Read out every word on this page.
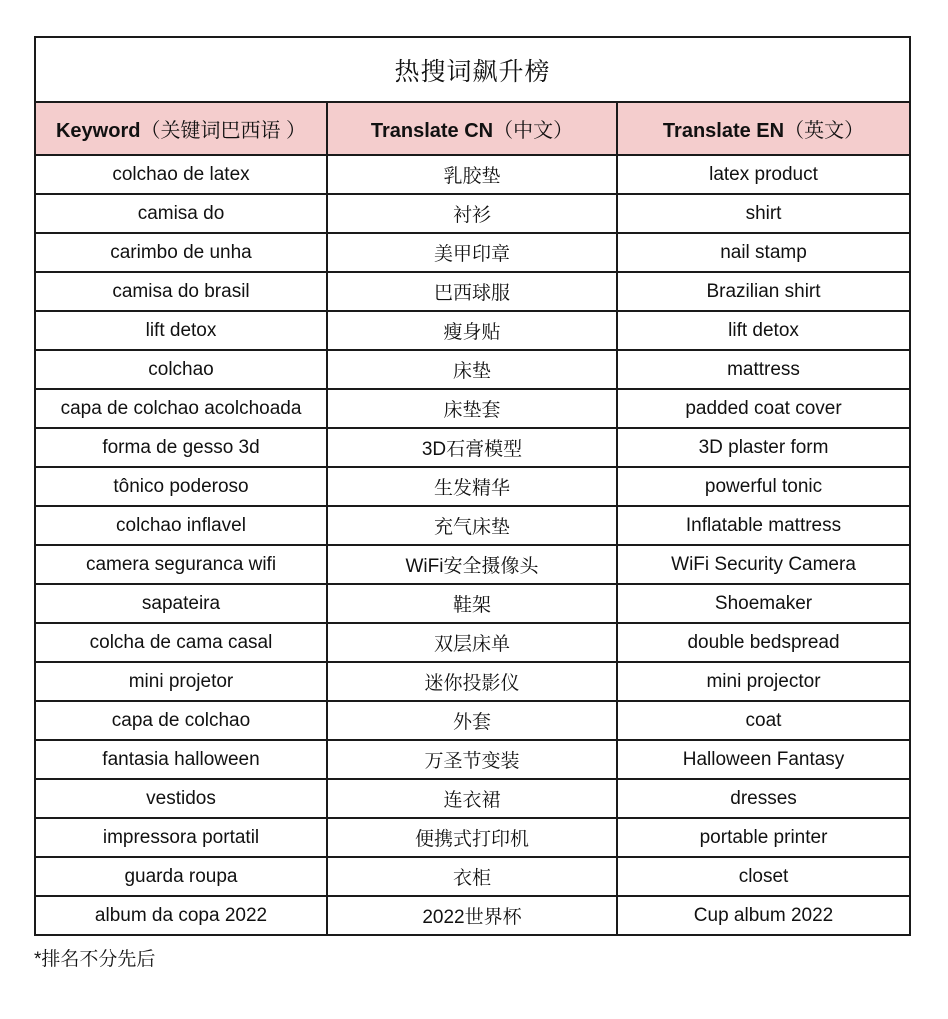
热搜词飙升榜		
Keyword（关键词巴西语 ）	Translate CN（中文）	Translate EN（英文）
colchao de latex	乳胶垫	latex product
camisa do	衬衫	shirt
carimbo de unha	美甲印章	nail stamp
camisa do brasil	巴西球服	Brazilian shirt
lift detox	瘦身贴	lift detox
colchao	床垫	mattress
capa de colchao acolchoada	床垫套	padded coat cover
forma de gesso 3d	3D石膏模型	3D plaster form
tônico poderoso	生发精华	powerful tonic
colchao inflavel	充气床垫	Inflatable mattress
camera seguranca wifi	WiFi安全摄像头	WiFi Security Camera
sapateira	鞋架	Shoemaker
colcha de cama casal	双层床单	double bedspread
mini projetor	迷你投影仪	mini projector
capa de colchao	外套	coat
fantasia halloween	万圣节变装	Halloween Fantasy
vestidos	连衣裙	dresses
impressora portatil	便携式打印机	portable printer
guarda roupa	衣柜	closet
album da copa 2022	2022世界杯	Cup album 2022
*排名不分先后
